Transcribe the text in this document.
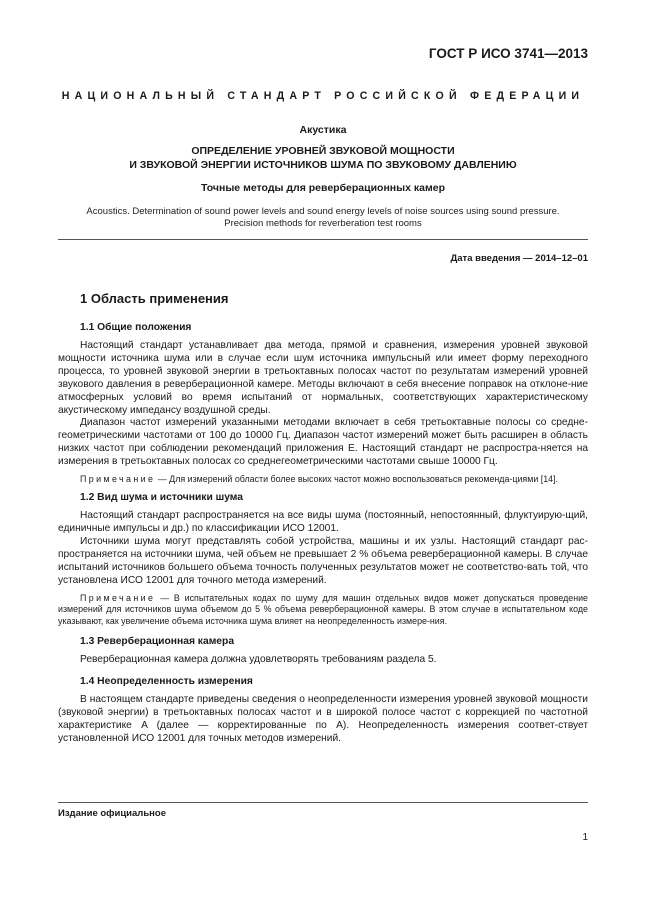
ГОСТ Р ИСО 3741—2013
НАЦИОНАЛЬНЫЙ СТАНДАРТ РОССИЙСКОЙ ФЕДЕРАЦИИ
Акустика
ОПРЕДЕЛЕНИЕ УРОВНЕЙ ЗВУКОВОЙ МОЩНОСТИ
И ЗВУКОВОЙ ЭНЕРГИИ ИСТОЧНИКОВ ШУМА ПО ЗВУКОВОМУ ДАВЛЕНИЮ
Точные методы для реверберационных камер
Acoustics. Determination of sound power levels and sound energy levels of noise sources using sound pressure.
Precision methods for reverberation test rooms
Дата введения — 2014–12–01
1 Область применения
1.1 Общие положения

Настоящий стандарт устанавливает два метода, прямой и сравнения, измерения уровней звуковой мощности источника шума или в случае если шум источника импульсный или имеет форму переходного процесса, то уровней звуковой энергии в третьоктавных полосах частот по результатам измерений уровней звукового давления в реверберационной камере. Методы включают в себя внесение поправок на отклоне-ние атмосферных условий во время испытаний от нормальных, соответствующих характеристическому акустическому импедансу воздушной среды.

Диапазон частот измерений указанными методами включает в себя третьоктавные полосы со средне-геометрическими частотами от 100 до 10000 Гц. Диапазон частот измерений может быть расширен в область низких частот при соблюдении рекомендаций приложения Е. Настоящий стандарт не распростра-няется на измерения в третьоктавных полосах со среднегеометрическими частотами свыше 10000 Гц.

Примечание — Для измерений области более высоких частот можно воспользоваться рекоменда-циями [14].

1.2 Вид шума и источники шума

Настоящий стандарт распространяется на все виды шума (постоянный, непостоянный, флуктуирую-щий, единичные импульсы и др.) по классификации ИСО 12001.

Источники шума могут представлять собой устройства, машины и их узлы. Настоящий стандарт рас-пространяется на источники шума, чей объем не превышает 2 % объема реверберационной камеры. В случае испытаний источников большего объема точность полученных результатов может не соответство-вать той, что установлена ИСО 12001 для точного метода измерений.

Примечание — В испытательных кодах по шуму для машин отдельных видов может допускаться проведение измерений для источников шума объемом до 5 % объема реверберационной камеры. В этом случае в испытательном коде указывают, как увеличение объема источника шума влияет на неопределенность измере-ния.

1.3 Реверберационная камера

Реверберационная камера должна удовлетворять требованиям раздела 5.

1.4 Неопределенность измерения

В настоящем стандарте приведены сведения о неопределенности измерения уровней звуковой мощности (звуковой энергии) в третьоктавных полосах частот и в широкой полосе частот с коррекцией по частотной характеристике A (далее — корректированные по A). Неопределенность измерения соответ-ствует установленной ИСО 12001 для точных методов измерений.

Издание официальное
1
